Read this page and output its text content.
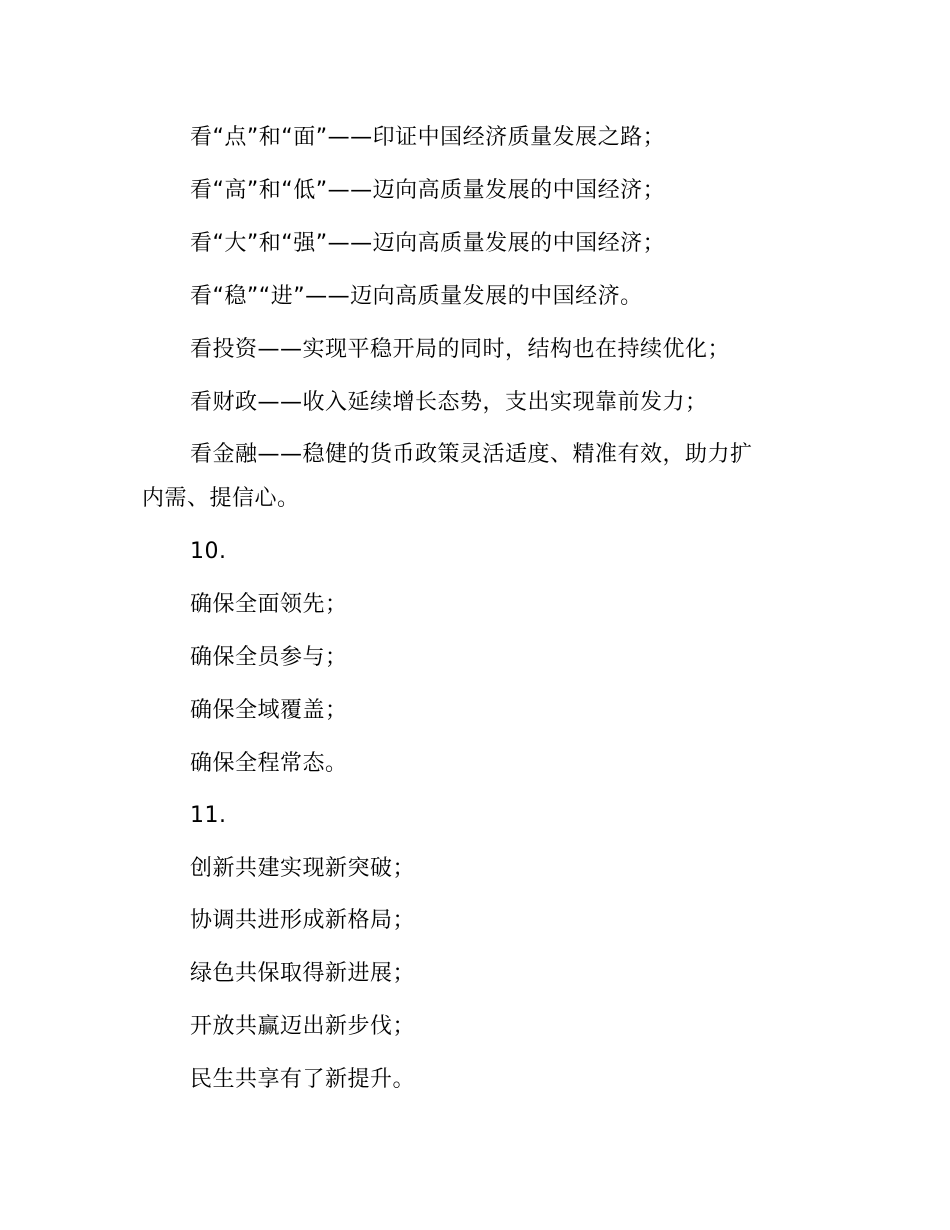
看“点”和“面”——印证中国经济质量发展之路；
看“高”和“低”——迈向高质量发展的中国经济；
看“大”和“强”——迈向高质量发展的中国经济；
看“稳”“进”——迈向高质量发展的中国经济。
看投资——实现平稳开局的同时，结构也在持续优化；
看财政——收入延续增长态势，支出实现靠前发力；
看金融——稳健的货币政策灵活适度、精准有效，助力扩
内需、提信心。
10.
确保全面领先；
确保全员参与；
确保全域覆盖；
确保全程常态。
11.
创新共建实现新突破；
协调共进形成新格局；
绿色共保取得新进展；
开放共赢迈出新步伐；
民生共享有了新提升。
